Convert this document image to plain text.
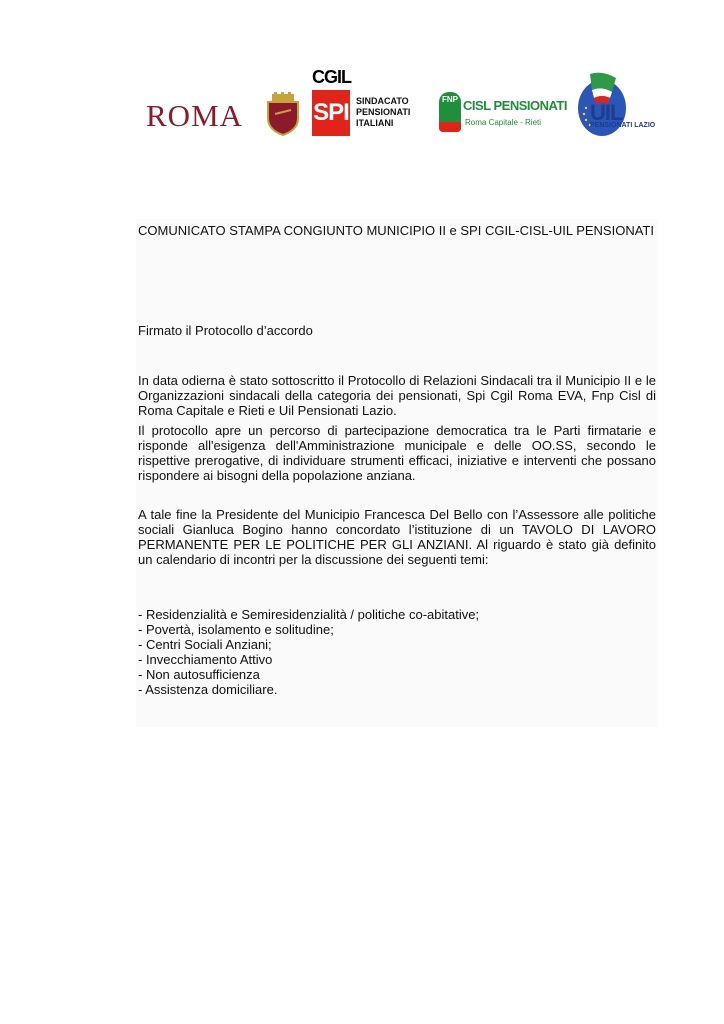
ROMA
CGIL
SPI SINDACATO
PENSIONATI
ITALIANI
FNP CISL PENSIONATI
Roma Capitale - Rieti UIL
PENSIONATI LAZIO
COMUNICATO STAMPA CONGIUNTO MUNICIPIO II e SPI CGIL-CISL-UIL PENSIONATI
Firmato il Protocollo d’accordo
In data odierna è stato sottoscritto il Protocollo di Relazioni Sindacali tra il Municipio II e le Organizzazioni sindacali della categoria dei pensionati, Spi Cgil Roma EVA, Fnp Cisl di Roma Capitale e Rieti e Uil Pensionati Lazio.
Il protocollo apre un percorso di partecipazione democratica tra le Parti firmatarie e risponde all'esigenza dell'Amministrazione municipale e delle OO.SS, secondo le rispettive prerogative, di individuare strumenti efficaci, iniziative e interventi che possano rispondere ai bisogni della popolazione anziana.
A tale fine la Presidente del Municipio Francesca Del Bello con l’Assessore alle politiche sociali Gianluca Bogino hanno concordato l’istituzione di un TAVOLO DI LAVORO PERMANENTE PER LE POLITICHE PER GLI ANZIANI. Al riguardo è stato già definito un calendario di incontri per la discussione dei seguenti temi:
- Residenzialità e Semiresidenzialità / politiche co-abitative;
- Povertà, isolamento e solitudine;
- Centri Sociali Anziani;
- Invecchiamento Attivo
- Non autosufficienza
- Assistenza domiciliare.
